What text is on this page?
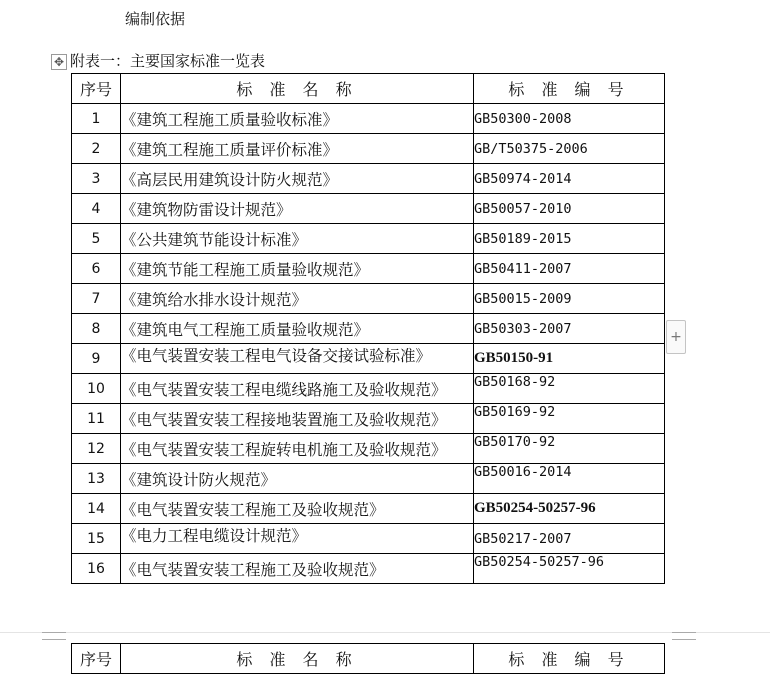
编制依据
✥ 附表一：主要国家标准一览表
序号	标 准 名 称	标 准 编 号
1	《建筑工程施工质量验收标准》	GB50300-2008
2	《建筑工程施工质量评价标准》	GB/T50375-2006
3	《高层民用建筑设计防火规范》	GB50974-2014
4	《建筑物防雷设计规范》	GB50057-2010
5	《公共建筑节能设计标准》	GB50189-2015
6	《建筑节能工程施工质量验收规范》	GB50411-2007
7	《建筑给水排水设计规范》	GB50015-2009
8	《建筑电气工程施工质量验收规范》	GB50303-2007
9	《电气装置安装工程电气设备交接试验标准》	GB50150-91
10	《电气装置安装工程电缆线路施工及验收规范》	GB50168-92
11	《电气装置安装工程接地装置施工及验收规范》	GB50169-92
12	《电气装置安装工程旋转电机施工及验收规范》	GB50170-92
13	《建筑设计防火规范》	GB50016-2014
14	《电气装置安装工程施工及验收规范》	GB50254-50257-96
15	《电力工程电缆设计规范》	GB50217-2007
16	《电气装置安装工程施工及验收规范》	GB50254-50257-96
+
序号	标 准 名 称	标 准 编 号
